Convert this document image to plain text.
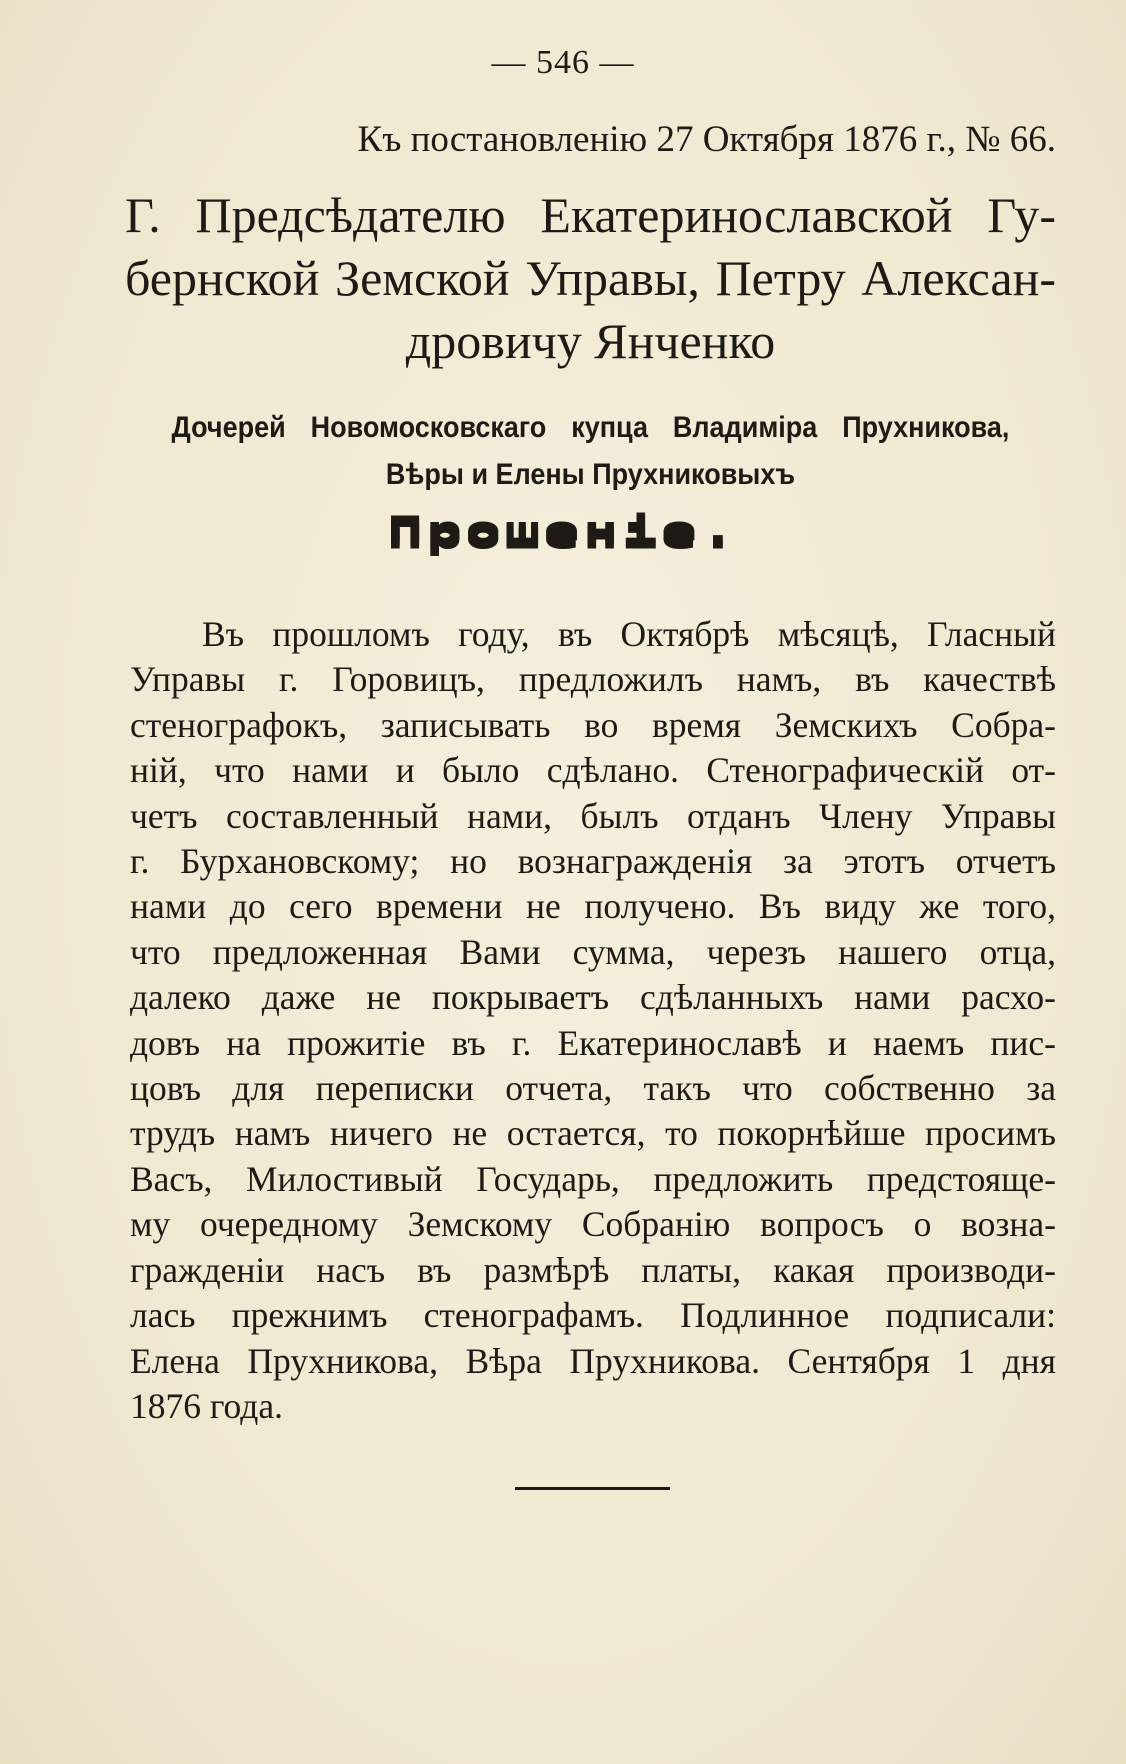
— 546 —
Къ постановленію 27 Октября 1876 г., № 66.
Г. Предсѣдателю Екатеринославской Гу-
бернской Земской Управы, Петру Алексан-
дровичу Янченко
Дочерей Новомосковскаго купца Владиміра Прухникова,
Вѣры и Елены Прухниковыхъ
Прошеніе.
Въ прошломъ году, въ Октябрѣ мѣсяцѣ, Гласный
Управы г. Горовицъ, предложилъ намъ, въ качествѣ
стенографокъ, записывать во время Земскихъ Собра-
ній, что нами и было сдѣлано. Стенографическій от-
четъ составленный нами, былъ отданъ Члену Управы
г. Бурхановскому; но вознагражденія за этотъ отчетъ
нами до сего времени не получено. Въ виду же того,
что предложенная Вами сумма, черезъ нашего отца,
далеко даже не покрываетъ сдѣланныхъ нами расхо-
довъ на прожитіе въ г. Екатеринославѣ и наемъ пис-
цовъ для переписки отчета, такъ что собственно за
трудъ намъ ничего не остается, то покорнѣйше просимъ
Васъ, Милостивый Государь, предложить предстояще-
му очередному Земскому Собранію вопросъ о возна-
гражденіи насъ въ размѣрѣ платы, какая производи-
лась прежнимъ стенографамъ. Подлинное подписали:
Елена Прухникова, Вѣра Прухникова. Сентября 1 дня
1876 года.
